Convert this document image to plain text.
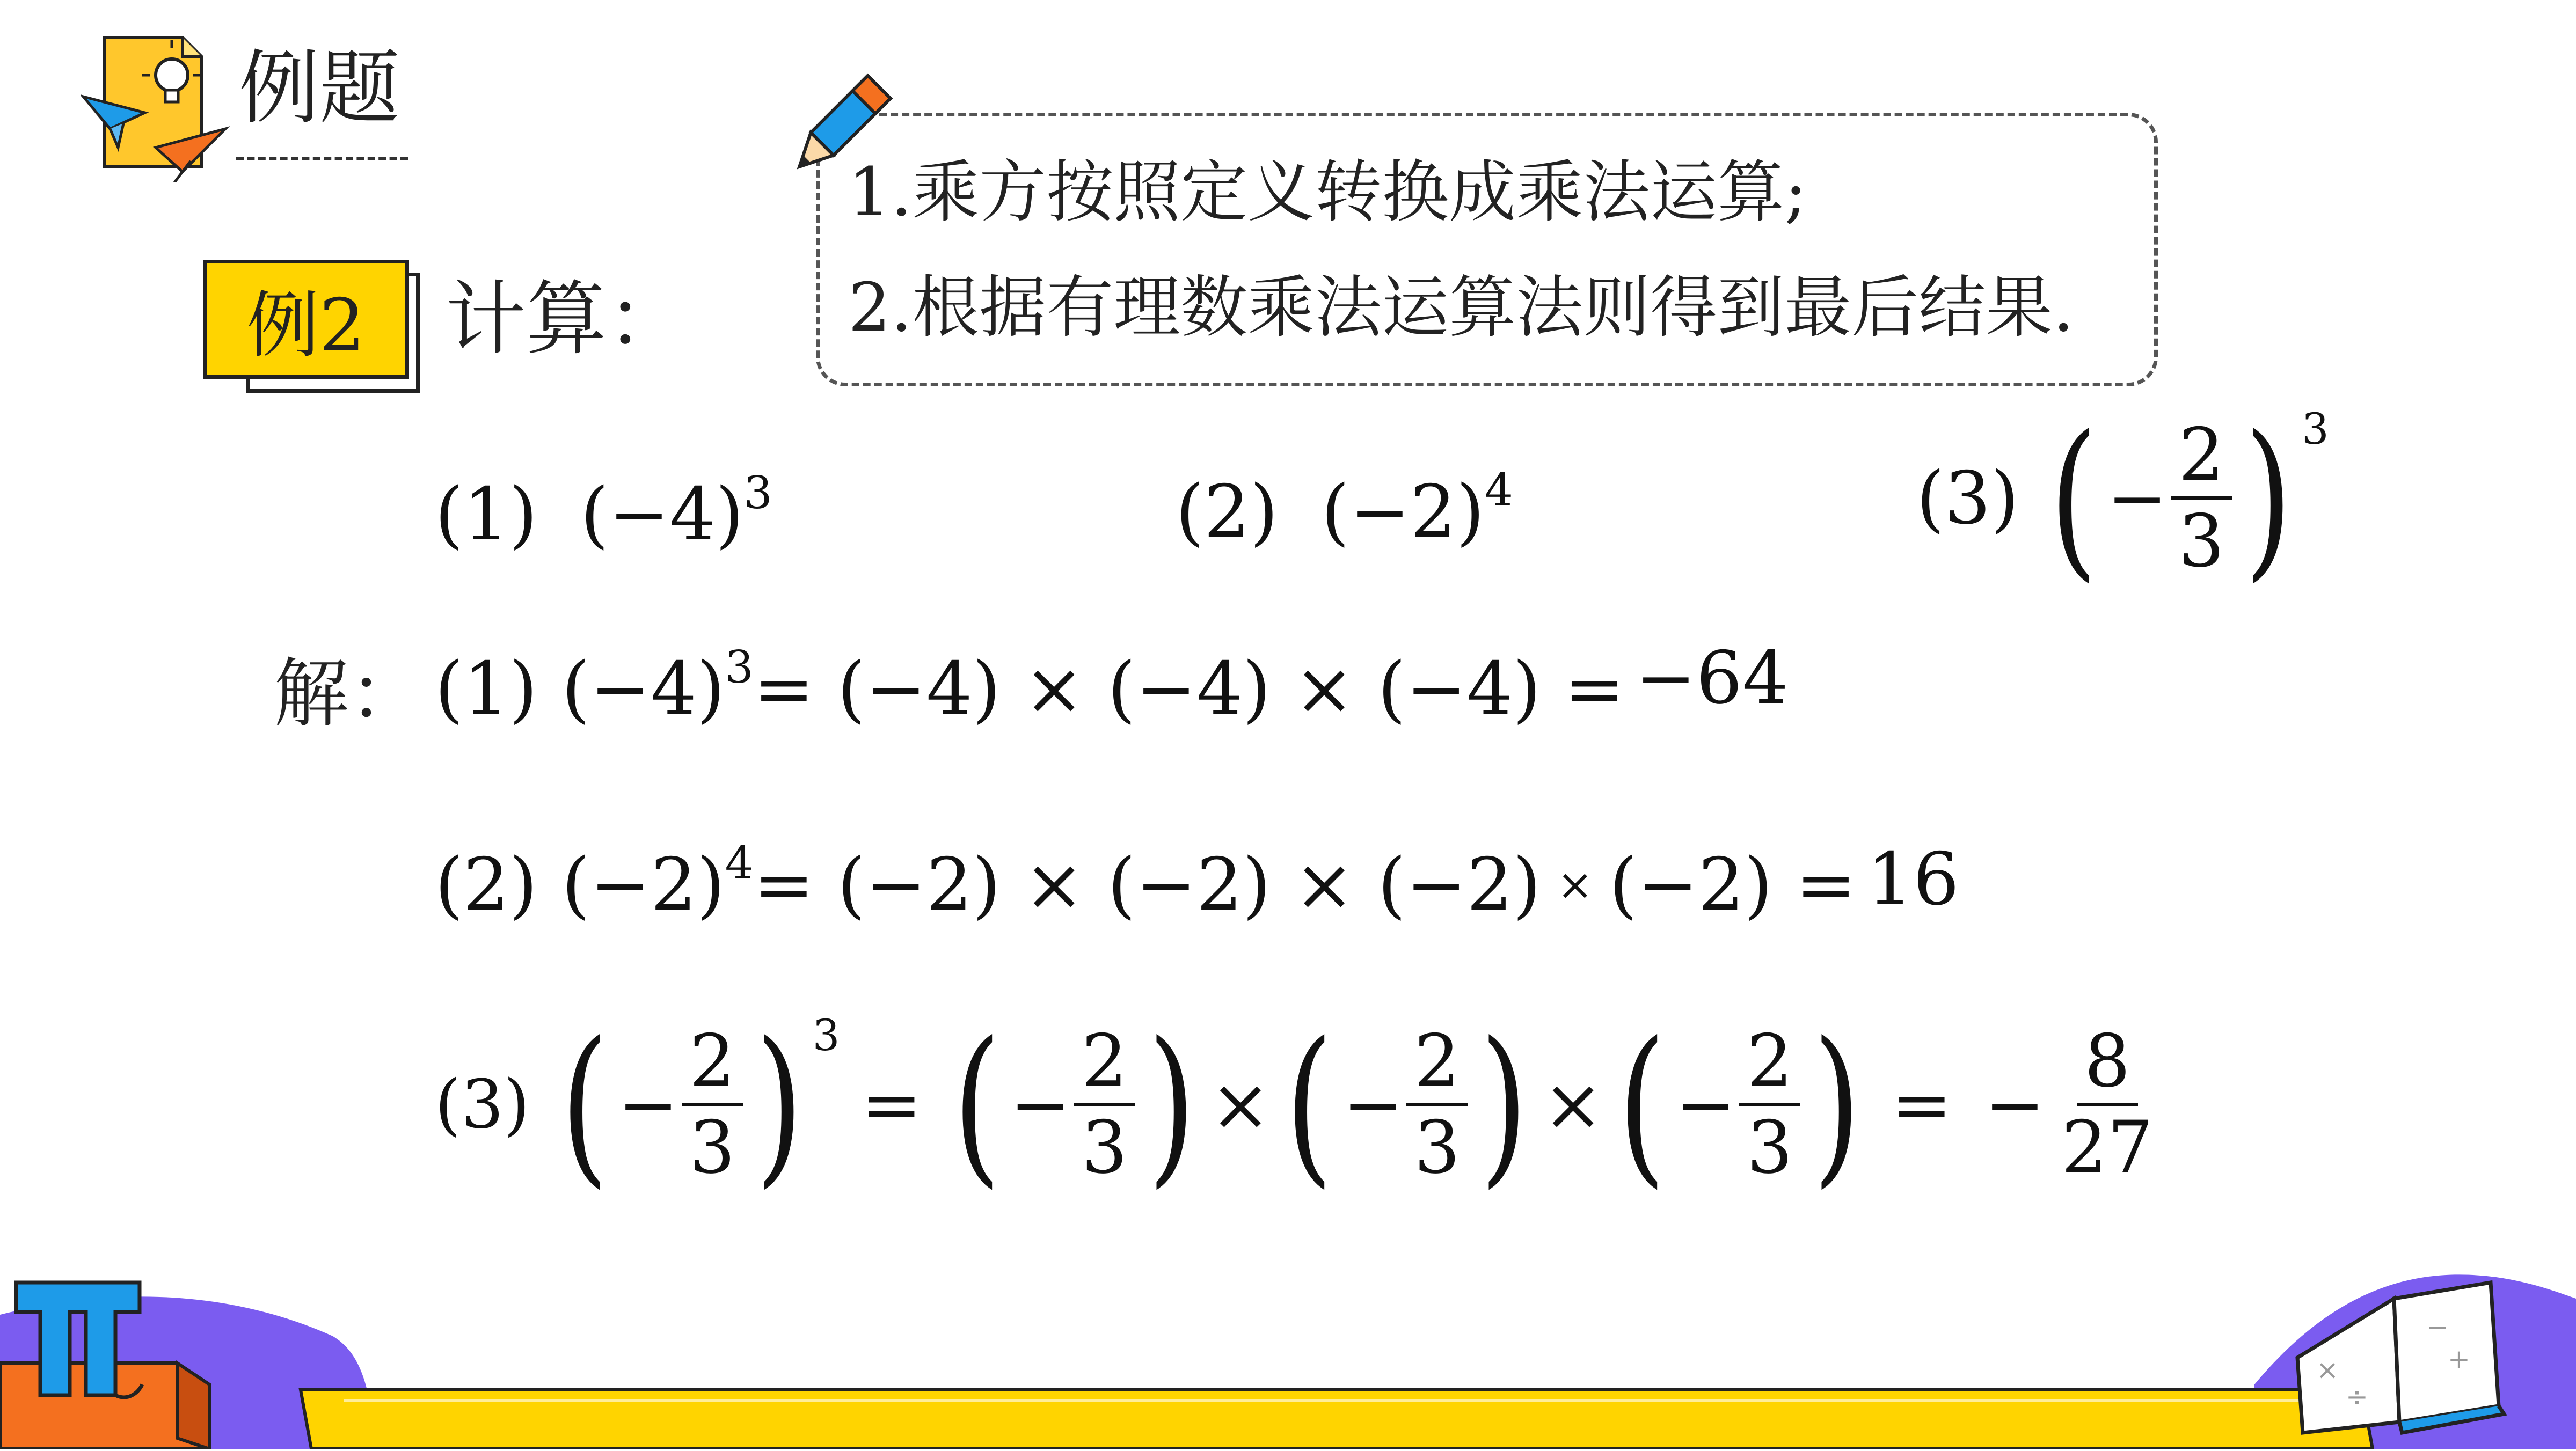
例题
例2 计算：
1.乘方按照定义转换成乘法运算;
2.根据有理数乘法运算法则得到最后结果.
(1) (−4) 3	(2) (−2) 4	(3) ( − $\frac{2}{3}$ ) 3
解： (1) (−4) 3 = (−4) × (−4) × (−4) = −64
(2) (−2) 4 = (−2) × (−2) × (−2) × (−2) = 16
(3) ( − $\frac{2}{3}$ ) 3
= ( − $\frac{2}{3}$ ) × ( − $\frac{2}{3}$ ) × ( − $\frac{2}{3}$ ) = − $\frac{8}{27}$
×
÷
−
+
